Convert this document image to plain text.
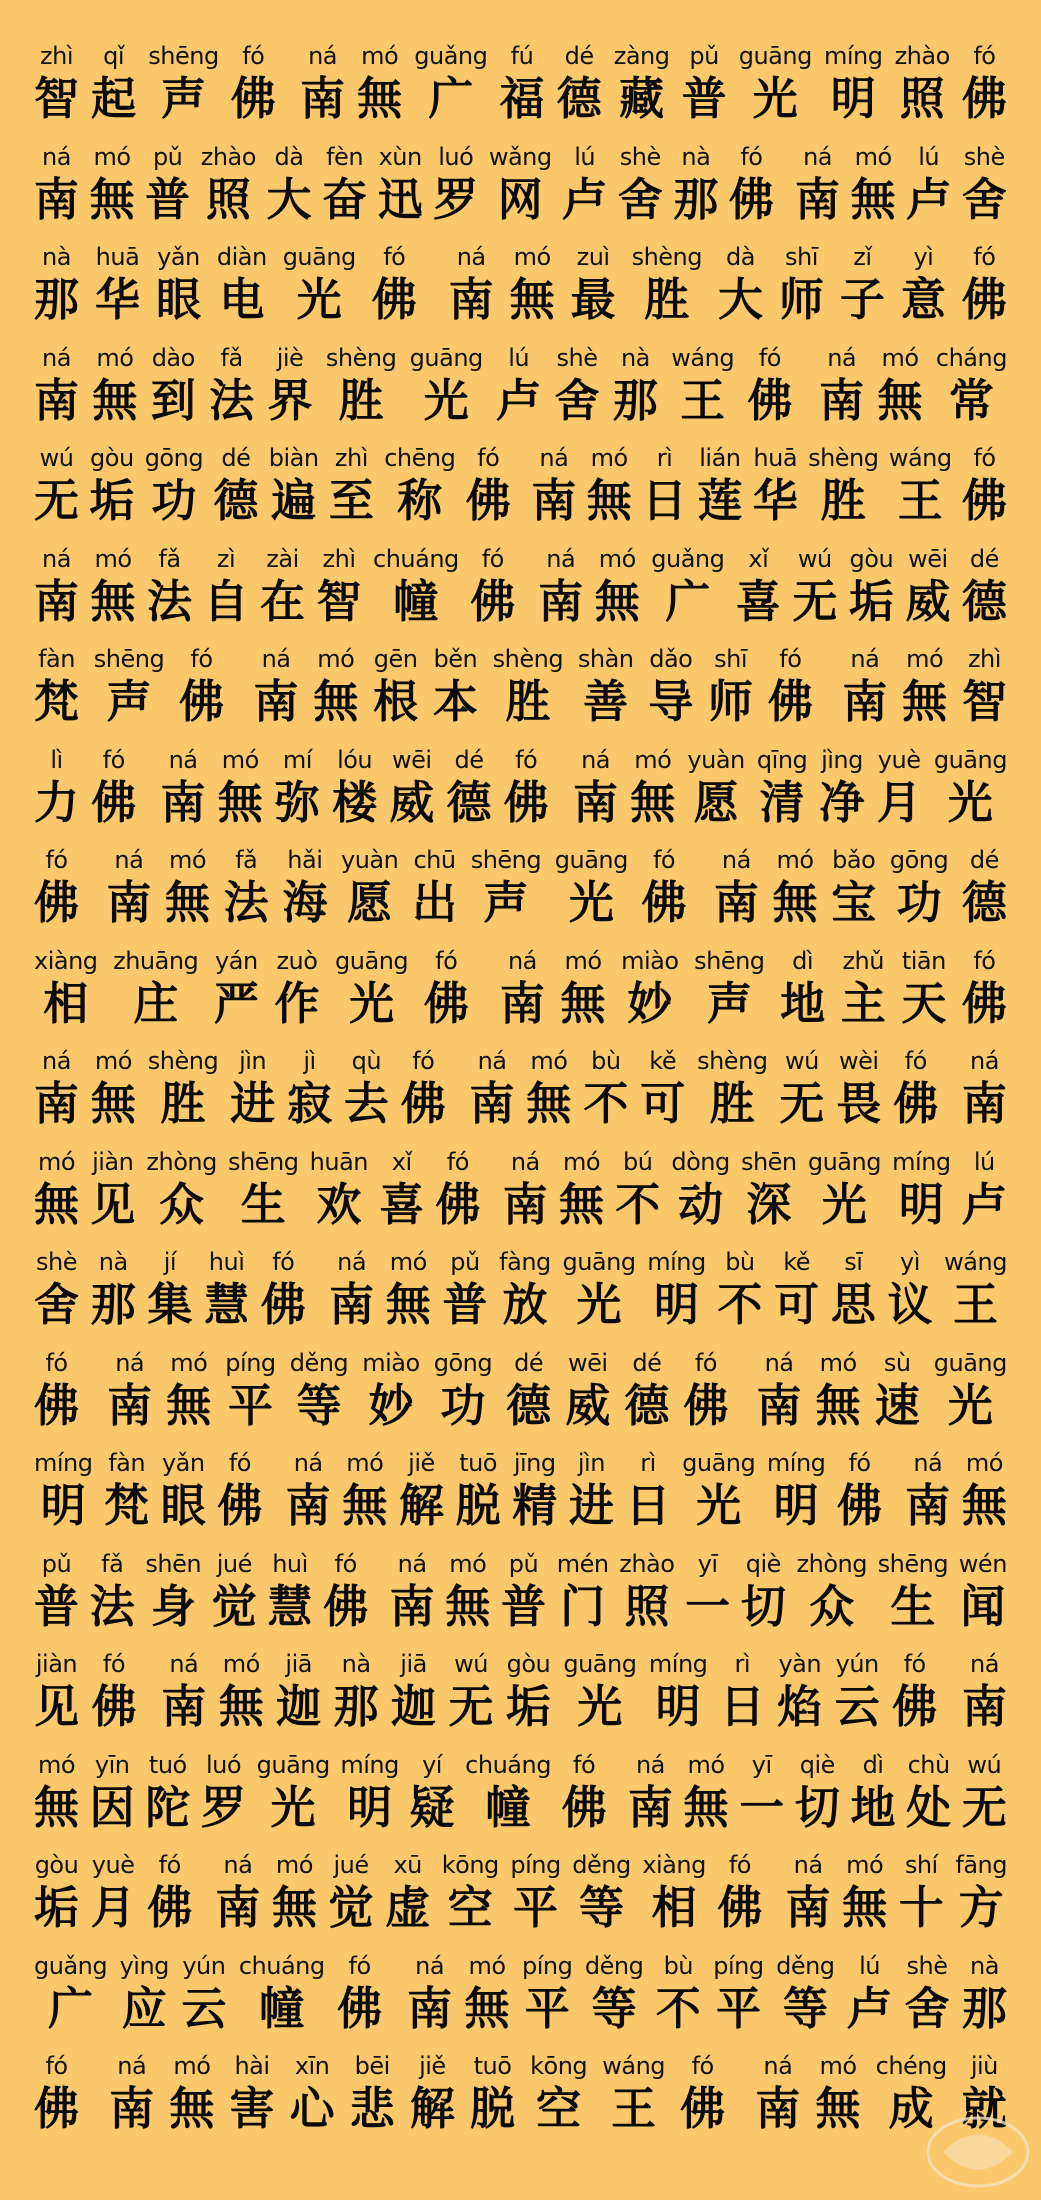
zhì
智
qǐ
起
shēng
声
fó
佛
ná
南
mó
無
guǎng
广
fú
福
dé
德
zàng
藏
pǔ
普
guāng
光
míng
明
zhào
照
fó
佛
ná
南
mó
無
pǔ
普
zhào
照
dà
大
fèn
奋
xùn
迅
luó
罗
wǎng
网
lú
卢
shè
舍
nà
那
fó
佛
ná
南
mó
無
lú
卢
shè
舍
nà
那
huā
华
yǎn
眼
diàn
电
guāng
光
fó
佛
ná
南
mó
無
zuì
最
shèng
胜
dà
大
shī
师
zǐ
子
yì
意
fó
佛
ná
南
mó
無
dào
到
fǎ
法
jiè
界
shèng
胜
guāng
光
lú
卢
shè
舍
nà
那
wáng
王
fó
佛
ná
南
mó
無
cháng
常
wú
无
gòu
垢
gōng
功
dé
德
biàn
遍
zhì
至
chēng
称
fó
佛
ná
南
mó
無
rì
日
lián
莲
huā
华
shèng
胜
wáng
王
fó
佛
ná
南
mó
無
fǎ
法
zì
自
zài
在
zhì
智
chuáng
幢
fó
佛
ná
南
mó
無
guǎng
广
xǐ
喜
wú
无
gòu
垢
wēi
威
dé
德
fàn
梵
shēng
声
fó
佛
ná
南
mó
無
gēn
根
běn
本
shèng
胜
shàn
善
dǎo
导
shī
师
fó
佛
ná
南
mó
無
zhì
智
lì
力
fó
佛
ná
南
mó
無
mí
弥
lóu
楼
wēi
威
dé
德
fó
佛
ná
南
mó
無
yuàn
愿
qīng
清
jìng
净
yuè
月
guāng
光
fó
佛
ná
南
mó
無
fǎ
法
hǎi
海
yuàn
愿
chū
出
shēng
声
guāng
光
fó
佛
ná
南
mó
無
bǎo
宝
gōng
功
dé
德
xiàng
相
zhuāng
庄
yán
严
zuò
作
guāng
光
fó
佛
ná
南
mó
無
miào
妙
shēng
声
dì
地
zhǔ
主
tiān
天
fó
佛
ná
南
mó
無
shèng
胜
jìn
进
jì
寂
qù
去
fó
佛
ná
南
mó
無
bù
不
kě
可
shèng
胜
wú
无
wèi
畏
fó
佛
ná
南
mó
無
jiàn
见
zhòng
众
shēng
生
huān
欢
xǐ
喜
fó
佛
ná
南
mó
無
bú
不
dòng
动
shēn
深
guāng
光
míng
明
lú
卢
shè
舍
nà
那
jí
集
huì
慧
fó
佛
ná
南
mó
無
pǔ
普
fàng
放
guāng
光
míng
明
bù
不
kě
可
sī
思
yì
议
wáng
王
fó
佛
ná
南
mó
無
píng
平
děng
等
miào
妙
gōng
功
dé
德
wēi
威
dé
德
fó
佛
ná
南
mó
無
sù
速
guāng
光
míng
明
fàn
梵
yǎn
眼
fó
佛
ná
南
mó
無
jiě
解
tuō
脱
jīng
精
jìn
进
rì
日
guāng
光
míng
明
fó
佛
ná
南
mó
無
pǔ
普
fǎ
法
shēn
身
jué
觉
huì
慧
fó
佛
ná
南
mó
無
pǔ
普
mén
门
zhào
照
yī
一
qiè
切
zhòng
众
shēng
生
wén
闻
jiàn
见
fó
佛
ná
南
mó
無
jiā
迦
nà
那
jiā
迦
wú
无
gòu
垢
guāng
光
míng
明
rì
日
yàn
焰
yún
云
fó
佛
ná
南
mó
無
yīn
因
tuó
陀
luó
罗
guāng
光
míng
明
yí
疑
chuáng
幢
fó
佛
ná
南
mó
無
yī
一
qiè
切
dì
地
chù
处
wú
无
gòu
垢
yuè
月
fó
佛
ná
南
mó
無
jué
觉
xū
虚
kōng
空
píng
平
děng
等
xiàng
相
fó
佛
ná
南
mó
無
shí
十
fāng
方
guǎng
广
yìng
应
yún
云
chuáng
幢
fó
佛
ná
南
mó
無
píng
平
děng
等
bù
不
píng
平
děng
等
lú
卢
shè
舍
nà
那
fó
佛
ná
南
mó
無
hài
害
xīn
心
bēi
悲
jiě
解
tuō
脱
kōng
空
wáng
王
fó
佛
ná
南
mó
無
chéng
成
jiù
就
